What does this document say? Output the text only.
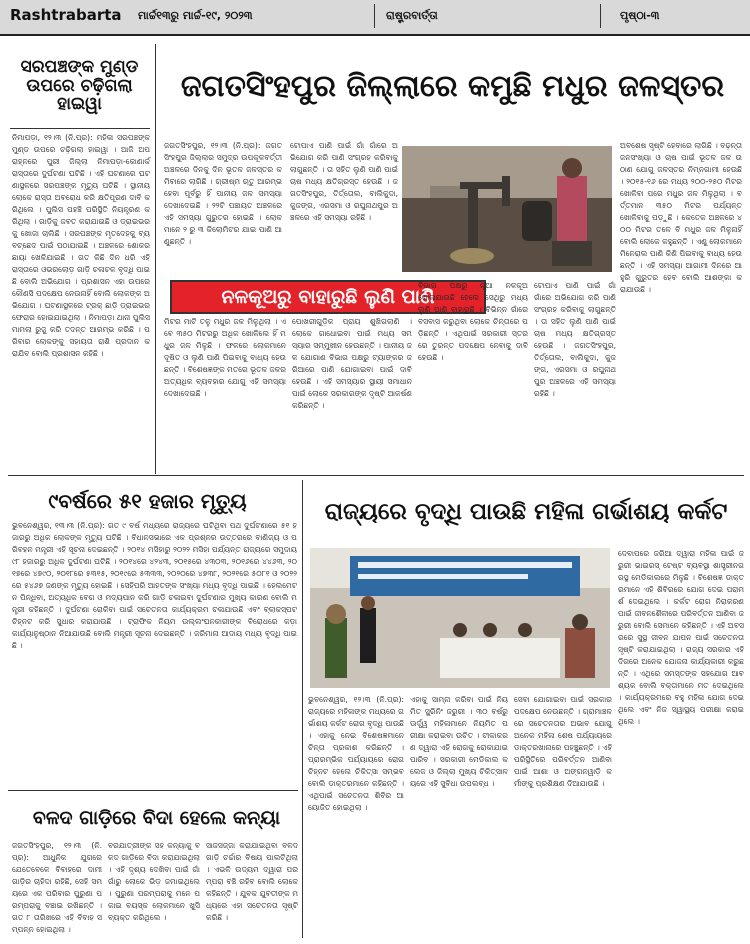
Rashtrabarta ମାର୍ଚ୍ଚ୧୩ରୁ ମାର୍ଚ୍ଚ-୧୯, ୨୦୨୩	ରାଷ୍ଟ୍ରବାର୍ତ୍ତା	ପୃଷ୍ଠା-୩
ସରପଞ୍ଚଙ୍କ ମୁଣ୍ଡ ଉପରେ ଚଢ଼ିଗଲା ହାଇୱା
ନିମାପଡ଼ା, ୧୨।୩ (ନି.ପ୍ର): ମହିଳା ସରପଞ୍ଚଙ୍କ ମୁଣ୍ଡ ଉପରେ ଚଢ଼ିଗଲା ହାଇୱା । ଆଜି ଅପରାହ୍ନରେ ପୁରୀ ଜିଲ୍ଲା ନିମାପଡ଼ା-କୋଣାର୍କ ରାସ୍ତାରେ ଦୁର୍ଘଟଣା ଘଟିଛି । ଏହି ଘଟଣାରେ ଘଟଣାସ୍ଥଳରେ ସରପଞ୍ଚଙ୍କ ମୃତ୍ୟୁ ଘଟିଛି । ସ୍ଥାନୀୟ ଲୋକେ ରାସ୍ତା ଅବରୋଧ କରି କ୍ଷତିପୂରଣ ଦାବି କରିଥିଲେ । ପୁଲିସ ପହଞ୍ଚି ପରିସ୍ଥିତି ନିୟନ୍ତ୍ରଣ କରିଥିଲା । ଗାଡ଼ିକୁ ଜବତ କରାଯାଇଛି ଓ ଡ୍ରାଇଭରକୁ ଖୋଜା ଚାଲିଛି । ସରପଞ୍ଚଙ୍କ ମୃତଦେହକୁ ବ୍ୟବଚ୍ଛେଦ ପାଇଁ ପଠାଯାଇଛି । ଅଞ୍ଚଳରେ ଶୋକର ଛାୟା ଖେଳିଯାଇଛି । ଗତ କିଛି ଦିନ ଧରି ଏହି ରାସ୍ତାରେ ଓଭରଲୋଡ଼ ଗାଡ଼ି ଚଳାଚଳ ବୃଦ୍ଧି ପାଇଛି ବୋଲି ଅଭିଯୋଗ । ପ୍ରଶାସନ ଏହା ଉପରେ କୌଣସି ପଦକ୍ଷେପ ନେଉନାହିଁ ବୋଲି ଲୋକଙ୍କ ଅଭିଯୋଗ । ଘଟଣାସ୍ଥଳରେ ଟ୍ରକ୍ ଛାଡ଼ି ଡ୍ରାଇଭର ଫେରାର ହୋଇଯାଇଥିଲା । ନିମାପଡ଼ା ଥାନା ପୁଲିସ ମାମଲା ରୁଜୁ କରି ତଦନ୍ତ ଆରମ୍ଭ କରିଛି । ପରିବାର ଲୋକଙ୍କୁ ସହାୟତା ରାଶି ପ୍ରଦାନ କରାଯିବ ବୋଲି ପ୍ରଶାସନ କହିଛି ।
ଜଗତସିଂହପୁର ଜିଲ୍ଲାରେ କମୁଛି ମଧୁର ଜଳସ୍ତର
ଜଗତସିଂହପୁର, ୧୨।୩ (ନି.ପ୍ର): ଜଗତସିଂହପୁର ଜିଲ୍ଲାର ସମୁଦ୍ର ଉପକୂଳବର୍ତ୍ତୀ ଅଞ୍ଚଳରେ ଦିନକୁ ଦିନ ଭୂତଳ ଜଳସ୍ତର କମିବାରେ ଲାଗିଛି । ଗ୍ରୀଷ୍ମ ଋତୁ ଆରମ୍ଭ ହେବା ପୂର୍ବରୁ ହିଁ ପାନୀୟ ଜଳ ସମସ୍ୟା ଦେଖାଦେଇଛି । ୨୨ଟି ପଞ୍ଚାୟତ ଅଞ୍ଚଳରେ ଏହି ସମସ୍ୟା ଗୁରୁତର ହୋଇଛି । ଲୋକମାନେ ୨ ରୁ ୩ କିଲୋମିଟର ଯାଇ ପାଣି ଆଣୁଛନ୍ତି ।
ଟୋପାଏ ପାଣି ପାଇଁ ଗାଁ ଗାଁରେ ଅଭିଯୋଗ କରି ପାଣି ସଂଗ୍ରହ କରିବାକୁ ଲାଗୁଛନ୍ତି । ତା ସହିତ ଲୁଣି ପାଣି ପାଇଁ ଚାଷ ମଧ୍ୟ କ୍ଷତିଗ୍ରସ୍ତ ହେଉଛି । ଜଗତସିଂହପୁର, ତିର୍ତ୍ତୋଲ, ବାଲିକୁଦା, କୁଜଙ୍ଗ, ଏରସମା ଓ ରଘୁନାଥପୁର ଅଞ୍ଚଳରେ ଏହି ସମସ୍ୟା ରହିଛି ।
ଅବଶେଷ ସୃଷ୍ଟି ହେବାରେ ଲାଗିଛି । ବଢ଼ନ୍ତା ଜନସଂଖ୍ୟା ଓ ଚାଷ ପାଇଁ ଭୂତଳ ଜଳ ଉଠାଣ ଯୋଗୁ ଜଳସ୍ତର ନିମ୍ନଗାମୀ ହେଉଛି । ୨୦୧୫-୧୬ ରେ ମଧ୍ୟ ୨୦୦-୨୫୦ ମିଟର ଖୋଳିବା ପରେ ମଧୁର ଜଳ ମିଳୁଥିଲା । ବର୍ତ୍ତମାନ ୩୫୦ ମିଟର ପର୍ଯ୍ୟନ୍ତ ଖୋଳିବାକୁ ପଡ଼ୁଛି । କେତେକ ଅଞ୍ଚଳରେ ୪୦୦ ମିଟର ତଳେ ବି ମଧୁର ଜଳ ମିଳୁନାହିଁ ବୋଲି ଲୋକେ କହୁଛନ୍ତି । ଏଣୁ ଲୋକମାନେ ମିନେରାଲ ପାଣି କିଣି ପିଇବାକୁ ବାଧ୍ୟ ହେଉଛନ୍ତି । ଏହି ସମସ୍ୟା ଆଗାମୀ ଦିନରେ ଆହୁରି ଗୁରୁତର ହେବ ବୋଲି ଆଶଙ୍କା କରାଯାଉଛି ।
ନଳକୂଅରୁ ବାହାରୁଛି ଲୁଣି ପାଣି
ମିଟର ମାଟି ତଳୁ ମଧୁର ଜଳ ମିଳୁଥିଲା । ଏବେ ୩୫୦ ମିଟରରୁ ଅଧିକ ଖୋଳିଲେ ହିଁ ମଧୁର ଜଳ ମିଳୁଛି । ଫଳରେ ଲୋକମାନେ ଦୂଷିତ ଓ ଲୁଣି ପାଣି ପିଇବାକୁ ବାଧ୍ୟ ହେଉଛନ୍ତି । ବିଶେଷଜ୍ଞଙ୍କ ମତରେ ଭୂତଳ ଜଳର ଅତ୍ୟଧିକ ବ୍ୟବହାର ଯୋଗୁ ଏହି ସମସ୍ୟା ଦେଖାଦେଇଛି ।
ପୋଖରୀଗୁଡ଼ିକ ପ୍ରାୟ ଶୁଖିଗଲାଣି । ଲୋକେ ଗାଧୋଇବା ପାଇଁ ମଧ୍ୟ ସମସ୍ୟାର ସମ୍ମୁଖୀନ ହେଉଛନ୍ତି । ପାନୀୟ ଜଳ ଯୋଗାଣ ବିଭାଗ ପକ୍ଷରୁ ଟ୍ୟାଙ୍କର ଜରିଆରେ ପାଣି ଯୋଗାଇବା ପାଇଁ ଦାବି ହେଉଛି । ଏହି ସମସ୍ୟାର ସ୍ଥାୟୀ ସମାଧାନ ପାଇଁ ଲୋକେ ସରକାରଙ୍କ ଦୃଷ୍ଟି ଆକର୍ଷଣ କରିଛନ୍ତି ।
ବିଭାଗ ପକ୍ଷରୁ ନୂଆ ନଳକୂଅ ଖୋଳାଯାଉଛି ହେଲେ ସେଥିରୁ ମଧ୍ୟ ଲୁଣି ପାଣି ବାହାରୁଛି । ବିଭିନ୍ନ ଗାଁରେ ବସବାସ କରୁଥିବା ଲୋକେ ଚିନ୍ତାରେ ପଡ଼ିଛନ୍ତି । ଏଥିପାଇଁ ସରକାରୀ ସ୍ତରରେ ତୁରନ୍ତ ପଦକ୍ଷେପ ନେବାକୁ ଦାବି ହେଉଛି ।
ଟୋପାଏ ପାଣି ପାଇଁ ଗାଁ ଗାଁରେ ଅଭିଯୋଗ କରି ପାଣି ସଂଗ୍ରହ କରିବାକୁ ଲାଗୁଛନ୍ତି । ତା ସହିତ ଲୁଣି ପାଣି ପାଇଁ ଚାଷ ମଧ୍ୟ କ୍ଷତିଗ୍ରସ୍ତ ହେଉଛି । ଜଗତସିଂହପୁର, ତିର୍ତ୍ତୋଲ, ବାଲିକୁଦା, କୁଜଙ୍ଗ, ଏରସମା ଓ ରଘୁନାଥପୁର ଅଞ୍ଚଳରେ ଏହି ସମସ୍ୟା ରହିଛି ।
୯ବର୍ଷରେ ୫୧ ହଜାର ମୃତ୍ୟୁ
ଭୁବନେଶ୍ୱର, ୧୩।୩ (ନି.ପ୍ର): ଗତ ୯ ବର୍ଷ ମଧ୍ୟରେ ରାଜ୍ୟରେ ଘଟିଥିବା ପଥ ଦୁର୍ଘଟଣାରେ ୫୧ ହଜାରରୁ ଅଧିକ ଲୋକଙ୍କ ମୃତ୍ୟୁ ଘଟିଛି । ବିଧାନସଭାରେ ଏକ ପ୍ରଶ୍ନର ଉତ୍ତରରେ ବାଣିଜ୍ୟ ଓ ପରିବହନ ମନ୍ତ୍ରୀ ଏହି ସୂଚନା ଦେଇଛନ୍ତି । ୨୦୧୪ ମସିହାରୁ ୨୦୨୨ ମସିହା ପର୍ଯ୍ୟନ୍ତ ରାଜ୍ୟରେ ସମୁଦାୟ ୯୮ ହଜାରରୁ ଅଧିକ ଦୁର୍ଘଟଣା ଘଟିଛି । ୨୦୧୪ରେ ୪୨୪୩, ୨୦୧୫ରେ ୪୩୦୩, ୨୦୧୬ରେ ୪୪୬୩, ୨୦୧୭ରେ ୪୭୯୦, ୨୦୧୮ରେ ୫୩୧୫, ୨୦୧୯ରେ ୫୩୩୩, ୨୦୨୦ରେ ୪୭୩୮, ୨୦୨୧ରେ ୫୦୮୧ ଓ ୨୦୨୨ରେ ୫୪୬୭ ଜଣଙ୍କ ମୃତ୍ୟୁ ହୋଇଛି । ସେହିପରି ଆହତଙ୍କ ସଂଖ୍ୟା ମଧ୍ୟ ବୃଦ୍ଧି ପାଇଛି । ହେଲମେଟ ନ ପିନ୍ଧିବା, ଅତ୍ୟଧିକ ବେଗ ଓ ମଦ୍ୟପାନ କରି ଗାଡ଼ି ଚଳାଇବା ଦୁର୍ଘଟଣାର ମୁଖ୍ୟ କାରଣ ବୋଲି ମନ୍ତ୍ରୀ କହିଛନ୍ତି । ଦୁର୍ଘଟଣା ରୋକିବା ପାଇଁ ସଚେତନତା କାର୍ଯ୍ୟକ୍ରମ ଚଳାଯାଉଛି ଏବଂ ବ୍ଲାକସ୍ପଟ ଚିହ୍ନଟ କରି ସୁଧାର କରାଯାଉଛି । ଟ୍ରାଫିକ ନିୟମ ଉଲ୍ଲଂଘନକାରୀଙ୍କ ବିରୋଧରେ କଡ଼ା କାର୍ଯ୍ୟାନୁଷ୍ଠାନ ନିଆଯାଉଛି ବୋଲି ମନ୍ତ୍ରୀ ସୂଚନା ଦେଇଛନ୍ତି । ଜରିମାନା ଆଦାୟ ମଧ୍ୟ ବୃଦ୍ଧି ପାଇଛି ।
ବଳଦ ଗାଡ଼ିରେ ବିଦା ହେଲେ କନ୍ୟା
ଜଗତସିଂହପୁର, ୧୨।୩ (ନି.ପ୍ର): ଆଧୁନିକ ଯୁଗରେ ଯେତେବେଳେ ବିବାହରେ ଦାମୀ ଗାଡ଼ିର ଚାହିଦା ରହିଛି, ସେହି ସମୟରେ ଏକ ପରିବାର ପୁରୁଣା ପରମ୍ପରାକୁ ବଞ୍ଚାଇ ରଖିଛନ୍ତି । ଗତ ୮ ତାରିଖରେ ଏହି ବିବାହ ସମ୍ପନ୍ନ ହୋଇଥିଲା ।
ବରଯାତ୍ରୀଙ୍କ ସହ କନ୍ୟାକୁ ବଳଦ ଗାଡ଼ିରେ ବିଦା କରାଯାଇଥିଲା । ଏହି ଦୃଶ୍ୟ ଦେଖିବା ପାଇଁ ଗାଁ ଗାଁରୁ ଲୋକେ ଭିଡ଼ ଜମାଇଥିଲେ । ପୁରୁଣା ପରମ୍ପରାକୁ ମନେ ପକାଇ ବୟସ୍କ ଲୋକମାନେ ଖୁସି ବ୍ୟକ୍ତ କରିଥିଲେ ।
ସାଜସଜ୍ଜା କରାଯାଇଥିବା ବଳଦ ଗାଡ଼ି ଚର୍ଚ୍ଚାର ବିଷୟ ପାଲଟିଥିଲା । ଏଭଳି ଉଦ୍ୟମ ଦ୍ୱାରା ପରମ୍ପରା ବଞ୍ଚି ରହିବ ବୋଲି ଲୋକେ କହିଛନ୍ତି । ଯୁବକ ଯୁବତୀଙ୍କ ମଧ୍ୟରେ ଏହା ସଚେତନତା ସୃଷ୍ଟି କରିଛି ।
ରାଜ୍ୟରେ ବୃଦ୍ଧି ପାଉଛି ମହିଳା ଗର୍ଭାଶୟ କର୍କଟ
ଦେବାପରେ ଜରିଆ ଦ୍ୱାରା ମହିଳା ପାଇଁ ଜରୁରୀ ଭାଇରସ୍ ଟେଷ୍ଟ ବ୍ୟବସ୍ଥା ଶାସ୍ତ୍ରୀନଗରସ୍ଥ ମେଡିକାଲରେ ମିଳୁଛି । ବିଶେଷଜ୍ଞ ଡାକ୍ତରମାନେ ଏହି ଶିବିରରେ ଯୋଗ ଦେଇ ପରାମର୍ଶ ଦେଇଥିଲେ । କର୍କଟ ରୋଗ ନିରାକରଣ ପାଇଁ ଜୀବନଶୈଳୀରେ ପରିବର୍ତ୍ତନ ଆଣିବା ଜରୁରୀ ବୋଲି ସେମାନେ କହିଛନ୍ତି । ଏହି ଅବସରରେ ସୁସ୍ଥ ଜୀବନ ଯାପନ ପାଇଁ ସଚେତନତା ସୃଷ୍ଟି କରାଯାଇଥିଲା । ରାଜ୍ୟ ସରକାର ଏହି ଦିଗରେ ଅନେକ ଯୋଜନା କାର୍ଯ୍ୟକାରୀ କରୁଛନ୍ତି । ଏଥିରେ ସମସ୍ତଙ୍କ ସହଯୋଗ ଆବଶ୍ୟକ ବୋଲି ବକ୍ତାମାନେ ମତ ଦେଇଥିଲେ । କାର୍ଯ୍ୟକ୍ରମରେ ବହୁ ମହିଳା ଯୋଗ ଦେଇଥିଲେ ଏବଂ ନିଜ ସ୍ୱାସ୍ଥ୍ୟ ପରୀକ୍ଷା କରାଇଥିଲେ ।
ଭୁବନେଶ୍ୱର, ୧୨।୩ (ନି.ପ୍ର): ରାଜ୍ୟରେ ମହିଳାଙ୍କ ମଧ୍ୟରେ ଗର୍ଭାଶୟ କର୍କଟ ରୋଗ ବୃଦ୍ଧି ପାଉଛି । ଏହାକୁ ନେଇ ବିଶେଷଜ୍ଞମାନେ ଚିନ୍ତା ପ୍ରକାଶ କରିଛନ୍ତି । ପ୍ରାରମ୍ଭିକ ପର୍ଯ୍ୟାୟରେ ରୋଗ ଚିହ୍ନଟ ହେଲେ ଚିକିତ୍ସା ସମ୍ଭବ ବୋଲି ଡାକ୍ତରମାନେ କହିଛନ୍ତି । ଏଥିପାଇଁ ସଚେତନତା ଶିବିର ଆୟୋଜିତ ହୋଇଥିଲା ।
ଏହାକୁ ସାମ୍ନା କରିବା ପାଇଁ ନିୟମିତ ସ୍କ୍ରିନିଂ ଜରୁରୀ । ୩୦ ବର୍ଷରୁ ଊର୍ଦ୍ଧ୍ୱ ମହିଳାମାନେ ନିୟମିତ ପରୀକ୍ଷା କରାଇବା ଉଚିତ । ଟୀକାକରଣ ଦ୍ୱାରା ଏହି ରୋଗକୁ ରୋକାଯାଇପାରିବ । ସରକାରୀ ମେଡିକାଲ କଲେଜ ଓ ଜିଲ୍ଲା ମୁଖ୍ୟ ଚିକିତ୍ସାଳୟରେ ଏହି ସୁବିଧା ଉପଲବ୍ଧ ।
ସେବା ଯୋଗାଇବା ପାଇଁ ସରକାର ପଦକ୍ଷେପ ନେଉଛନ୍ତି । ଗ୍ରାମାଞ୍ଚଳରେ ସଚେତନତାର ଅଭାବ ଯୋଗୁ ଅନେକ ମହିଳା ଶେଷ ପର୍ଯ୍ୟାୟରେ ଡାକ୍ତରଖାନାରେ ପହଞ୍ଚୁଛନ୍ତି । ଏହି ପରିସ୍ଥିତିରେ ପରିବର୍ତ୍ତନ ଆଣିବା ପାଇଁ ଆଶା ଓ ଅଙ୍ଗନୱାଡ଼ି କର୍ମୀଙ୍କୁ ପ୍ରଶିକ୍ଷଣ ଦିଆଯାଉଛି ।
